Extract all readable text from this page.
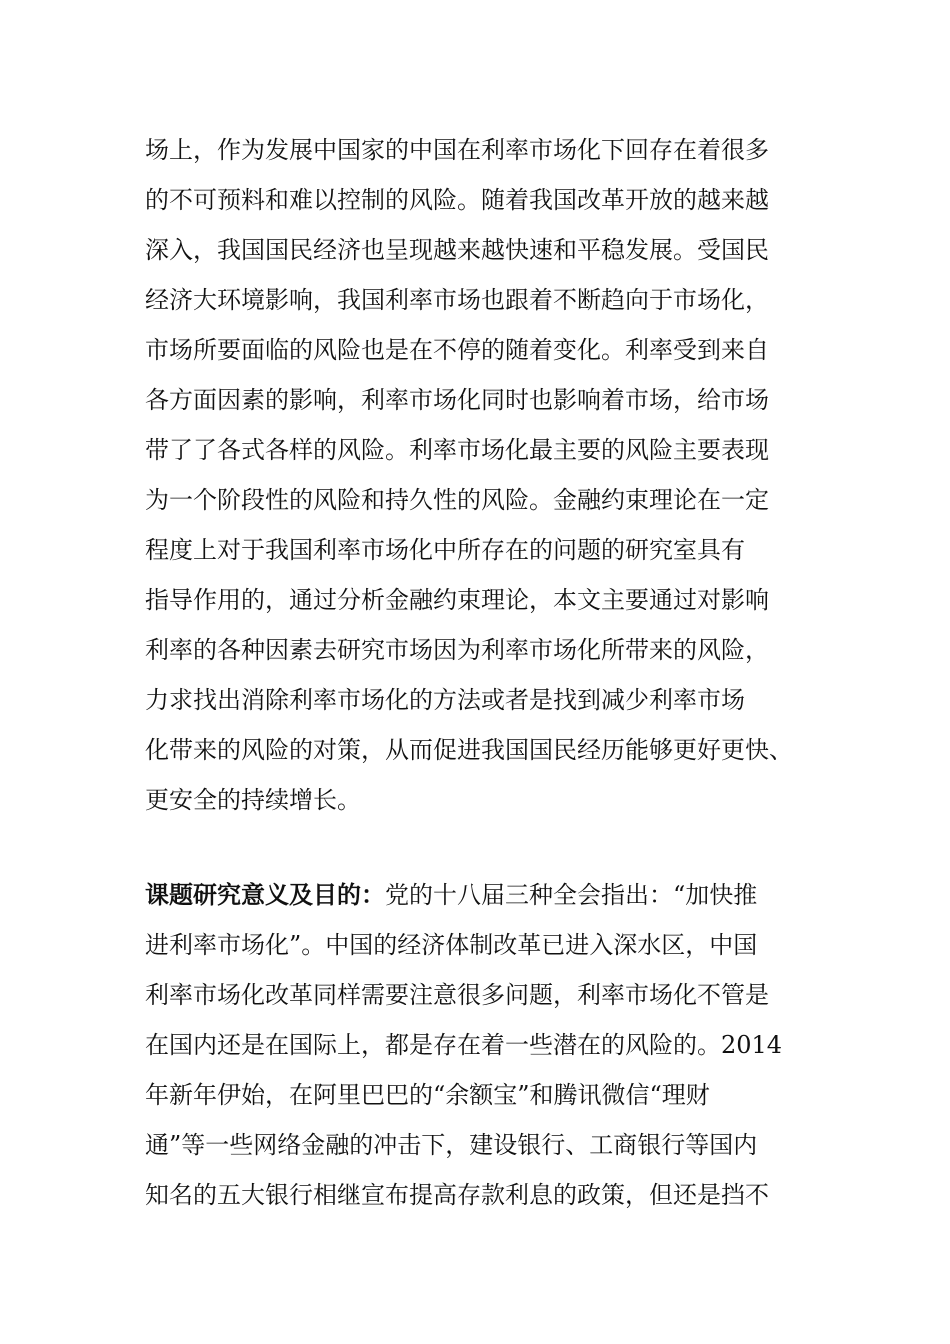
场上，作为发展中国家的中国在利率市场化下回存在着很多
的不可预料和难以控制的风险。随着我国改革开放的越来越
深入，我国国民经济也呈现越来越快速和平稳发展。受国民
经济大环境影响，我国利率市场也跟着不断趋向于市场化，
市场所要面临的风险也是在不停的随着变化。利率受到来自
各方面因素的影响，利率市场化同时也影响着市场，给市场
带了了各式各样的风险。利率市场化最主要的风险主要表现
为一个阶段性的风险和持久性的风险。金融约束理论在一定
程度上对于我国利率市场化中所存在的问题的研究室具有
指导作用的，通过分析金融约束理论，本文主要通过对影响
利率的各种因素去研究市场因为利率市场化所带来的风险，
力求找出消除利率市场化的方法或者是找到减少利率市场
化带来的风险的对策，从而促进我国国民经历能够更好更快、
更安全的持续增长。
课题研究意义及目的：党的十八届三种全会指出：“加快推
进利率市场化”。中国的经济体制改革已进入深水区，中国
利率市场化改革同样需要注意很多问题，利率市场化不管是
在国内还是在国际上，都是存在着一些潜在的风险的。2014
年新年伊始，在阿里巴巴的“余额宝”和腾讯微信“理财
通”等一些网络金融的冲击下，建设银行、工商银行等国内
知名的五大银行相继宣布提高存款利息的政策，但还是挡不
